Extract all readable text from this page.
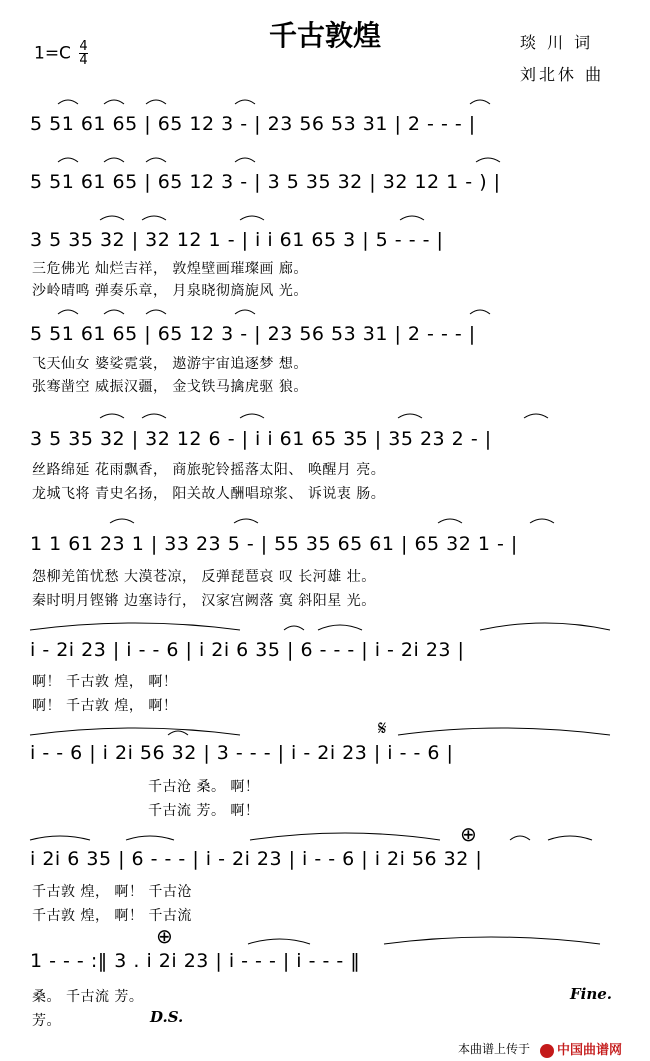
千古敦煌
$1=C \frac{4}{4}$	琰 川 词
刘北休 曲
5 51 61 65 | 65 12 3 - | 23 56 53 31 | 2 - - - |
5 51 61 65 | 65 12 3 - | 3 5 35 32 | 32 12 1 - ) |
3 5 35 32 | 32 12 1 - | i i 61 65 3 | 5 - - - |
三危佛光 灿烂吉祥， 敦煌壁画璀璨画 廊。
沙岭晴鸣 弹奏乐章， 月泉晓彻旖旎风 光。
5 51 61 65 | 65 12 3 - | 23 56 53 31 | 2 - - - |
飞天仙女 婆娑霓裳， 遨游宇宙追逐梦 想。
张骞凿空 威振汉疆， 金戈铁马擒虎驱 狼。
3 5 35 32 | 32 12 6 - | i i 61 65 35 | 35 23 2 - |
丝路绵延 花雨飘香， 商旅驼铃摇落太阳、 唤醒月 亮。
龙城飞将 青史名扬， 阳关故人酬唱琼浆、 诉说衷 肠。
1 1 61 23 1 | 33 23 5 - | 55 35 65 61 | 65 32 1 - |
怨柳羌笛忧愁 大漠苍凉， 反弹琵琶哀 叹 长河雄 壮。
秦时明月铿锵 边塞诗行， 汉家宫阙落 寞 斜阳星 光。
i - 2i 23 | i - - 6 | i 2i 6 35 | 6 - - - | i - 2i 23 |
啊！ 千古敦 煌， 啊！
啊！ 千古敦 煌， 啊！
𝄋
i - - 6 | i 2i 56 32 | 3 - - - | i - 2i 23 | i - - 6 |
千古沧 桑。 啊！
千古流 芳。 啊！
⊕
i 2i 6 35 | 6 - - - | i - 2i 23 | i - - 6 | i 2i 56 32 |
千古敦 煌， 啊！ 千古沧
千古敦 煌， 啊！ 千古流
⊕
1 - - - :‖ 3 . i 2i 23 | i - - - | i - - - ‖
桑。 千古流 芳。
芳。
Fine.
D.S.
本曲谱上传于	中国曲谱网
